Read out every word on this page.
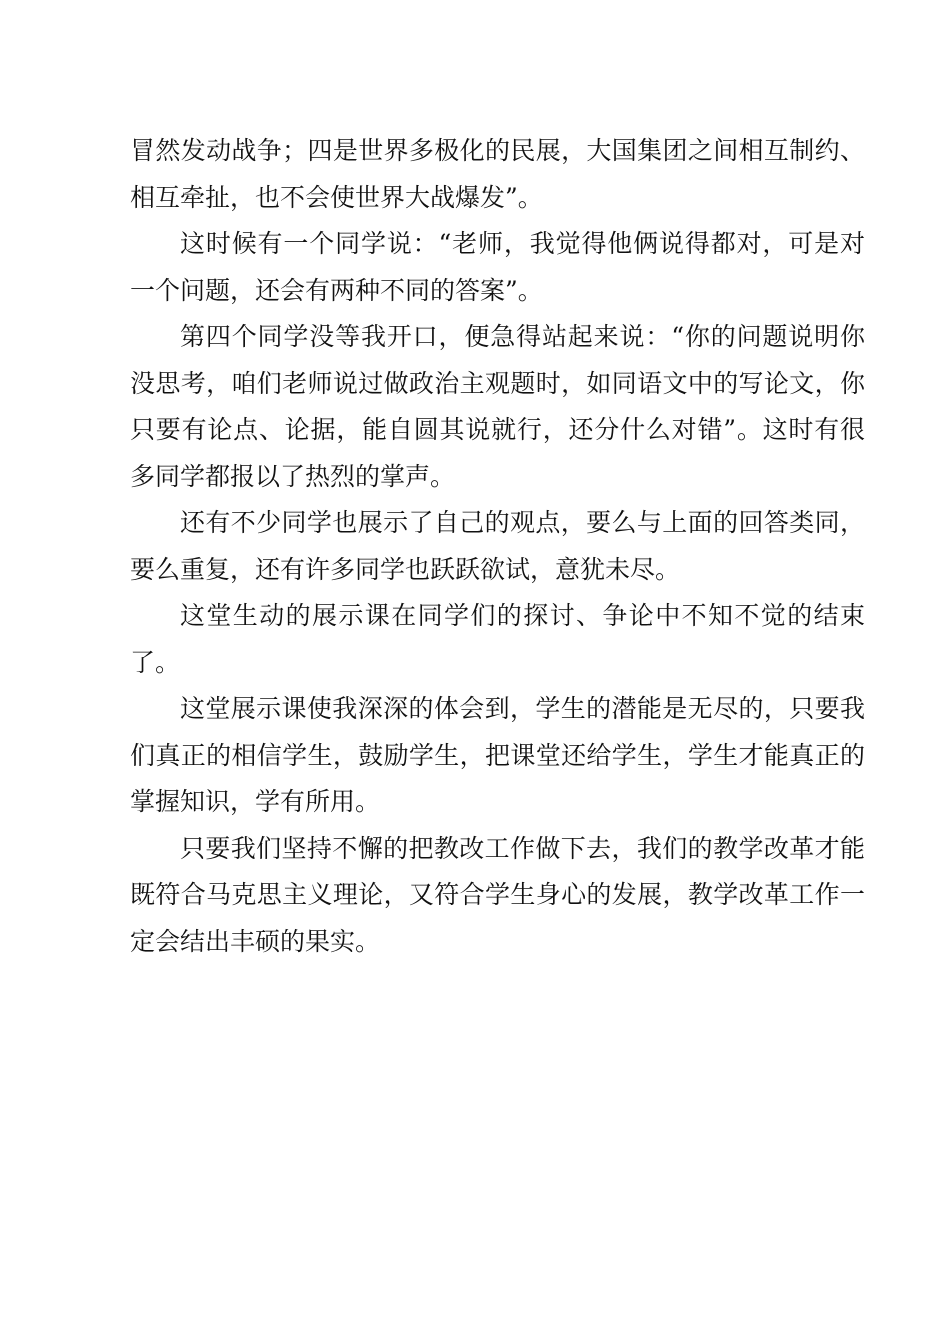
冒然发动战争；四是世界多极化的民展，大国集团之间相互制约、相互牵扯，也不会使世界大战爆发”。

这时候有一个同学说：“老师，我觉得他俩说得都对，可是对一个问题，还会有两种不同的答案”。

第四个同学没等我开口，便急得站起来说：“你的问题说明你没思考，咱们老师说过做政治主观题时，如同语文中的写论文，你只要有论点、论据，能自圆其说就行，还分什么对错”。这时有很多同学都报以了热烈的掌声。

还有不少同学也展示了自己的观点，要么与上面的回答类同，要么重复，还有许多同学也跃跃欲试，意犹未尽。

这堂生动的展示课在同学们的探讨、争论中不知不觉的结束了。

这堂展示课使我深深的体会到，学生的潜能是无尽的，只要我们真正的相信学生，鼓励学生，把课堂还给学生，学生才能真正的掌握知识，学有所用。

只要我们坚持不懈的把教改工作做下去，我们的教学改革才能既符合马克思主义理论，又符合学生身心的发展，教学改革工作一定会结出丰硕的果实。
